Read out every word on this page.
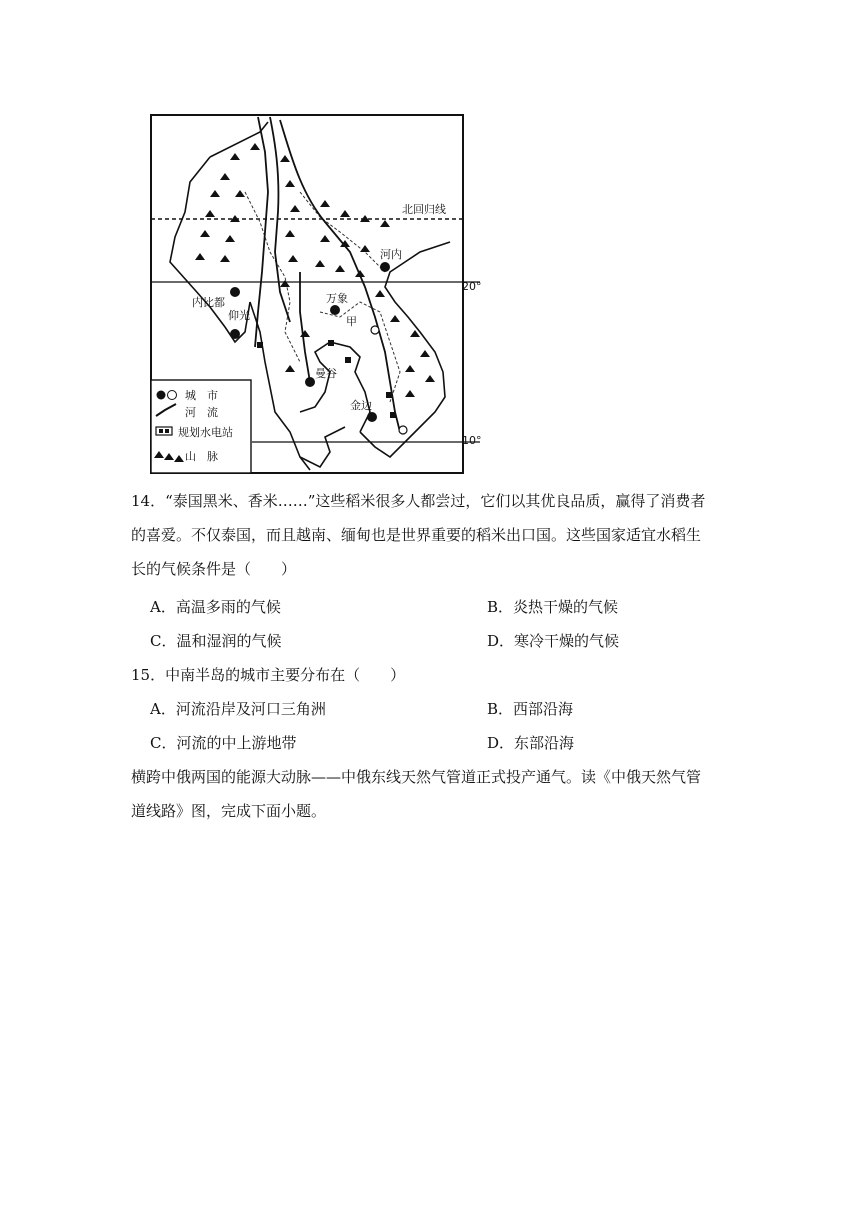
北回归线
20°
10°
河内
内比都
仰光
万象
甲
曼谷
金边
城　市
河　流
规划水电站
山　脉
14．“泰国黑米、香米……”这些稻米很多人都尝过，它们以其优良品质，赢得了消费者
的喜爱。不仅泰国，而且越南、缅甸也是世界重要的稻米出口国。这些国家适宜水稻生
长的气候条件是（　　）
A．高温多雨的气候	B．炎热干燥的气候
C．温和湿润的气候	D．寒冷干燥的气候
15．中南半岛的城市主要分布在（　　）
A．河流沿岸及河口三角洲	B．西部沿海
C．河流的中上游地带	D．东部沿海
横跨中俄两国的能源大动脉——中俄东线天然气管道正式投产通气。读《中俄天然气管
道线路》图，完成下面小题。
